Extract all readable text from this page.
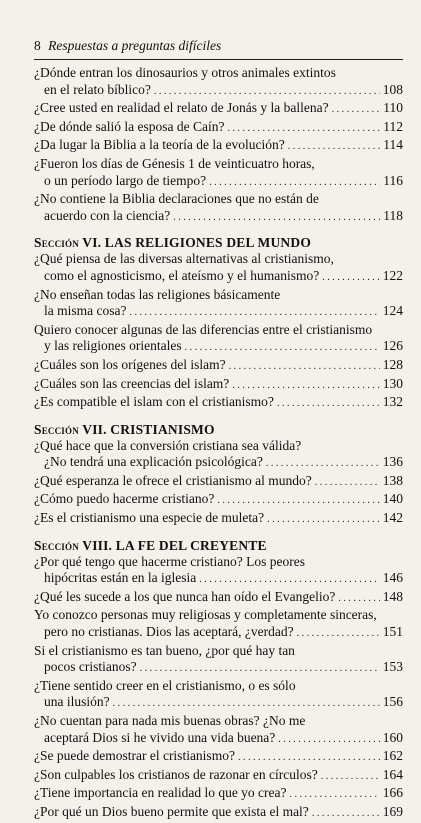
8 Respuestas a preguntas difíciles
¿Dónde entran los dinosaurios y otros animales extintos
en el relato bíblico? . . .	108
¿Cree usted en realidad el relato de Jonás y la ballena? . . .	110
¿De dónde salió la esposa de Caín? . . .	112
¿Da lugar la Biblia a la teoría de la evolución? . . .	114
¿Fueron los días de Génesis 1 de veinticuatro horas,
o un período largo de tiempo? . . .	116
¿No contiene la Biblia declaraciones que no están de
acuerdo con la ciencia? . . .	118
Sección VI. LAS RELIGIONES DEL MUNDO
¿Qué piensa de las diversas alternativas al cristianismo,
como el agnosticismo, el ateísmo y el humanismo? . . .	122
¿No enseñan todas las religiones básicamente
la misma cosa? . . .	124
Quiero conocer algunas de las diferencias entre el cristianismo
y las religiones orientales . . .	126
¿Cuáles son los orígenes del islam? . . .	128
¿Cuáles son las creencias del islam? . . .	130
¿Es compatible el islam con el cristianismo? . . .	132
Sección VII. CRISTIANISMO
¿Qué hace que la conversión cristiana sea válida?
¿No tendrá una explicación psicológica? . . .	136
¿Qué esperanza le ofrece el cristianismo al mundo? . . .	138
¿Cómo puedo hacerme cristiano? . . .	140
¿Es el cristianismo una especie de muleta? . . .	142
Sección VIII. LA FE DEL CREYENTE
¿Por qué tengo que hacerme cristiano? Los peores
hipócritas están en la iglesia . . .	146
¿Qué les sucede a los que nunca han oído el Evangelio? . . .	148
Yo conozco personas muy religiosas y completamente sinceras,
pero no cristianas. Dios las aceptará, ¿verdad? . . .	151
Si el cristianismo es tan bueno, ¿por qué hay tan
pocos cristianos? . . .	153
¿Tiene sentido creer en el cristianismo, o es sólo
una ilusión? . . .	156
¿No cuentan para nada mis buenas obras? ¿No me
aceptará Dios si he vivido una vida buena? . . .	160
¿Se puede demostrar el cristianismo? . . .	162
¿Son culpables los cristianos de razonar en círculos? . . .	164
¿Tiene importancia en realidad lo que yo crea? . . .	166
¿Por qué un Dios bueno permite que exista el mal? . . .	169
